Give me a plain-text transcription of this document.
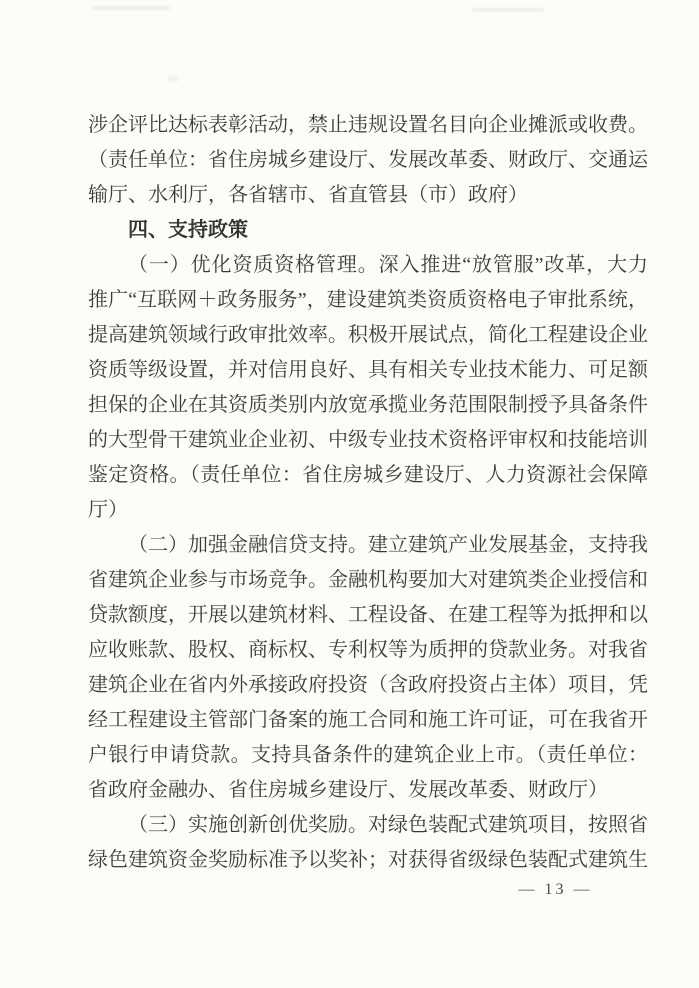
涉企评比达标表彰活动，禁止违规设置名目向企业摊派或收费。
（责任单位：省住房城乡建设厅、发展改革委、财政厅、交通运
输厅、水利厅，各省辖市、省直管县（市）政府）
四、支持政策
（一）优化资质资格管理。深入推进“放管服”改革，大力
推广“互联网＋政务服务”，建设建筑类资质资格电子审批系统，
提高建筑领域行政审批效率。积极开展试点，简化工程建设企业
资质等级设置，并对信用良好、具有相关专业技术能力、可足额
担保的企业在其资质类别内放宽承揽业务范围限制授予具备条件
的大型骨干建筑业企业初、中级专业技术资格评审权和技能培训
鉴定资格。（责任单位：省住房城乡建设厅、人力资源社会保障
厅）
（二）加强金融信贷支持。建立建筑产业发展基金，支持我
省建筑企业参与市场竞争。金融机构要加大对建筑类企业授信和
贷款额度，开展以建筑材料、工程设备、在建工程等为抵押和以
应收账款、股权、商标权、专利权等为质押的贷款业务。对我省
建筑企业在省内外承接政府投资（含政府投资占主体）项目，凭
经工程建设主管部门备案的施工合同和施工许可证，可在我省开
户银行申请贷款。支持具备条件的建筑企业上市。（责任单位：
省政府金融办、省住房城乡建设厅、发展改革委、财政厅）
（三）实施创新创优奖励。对绿色装配式建筑项目，按照省
绿色建筑资金奖励标准予以奖补；对获得省级绿色装配式建筑生
— 13 —
